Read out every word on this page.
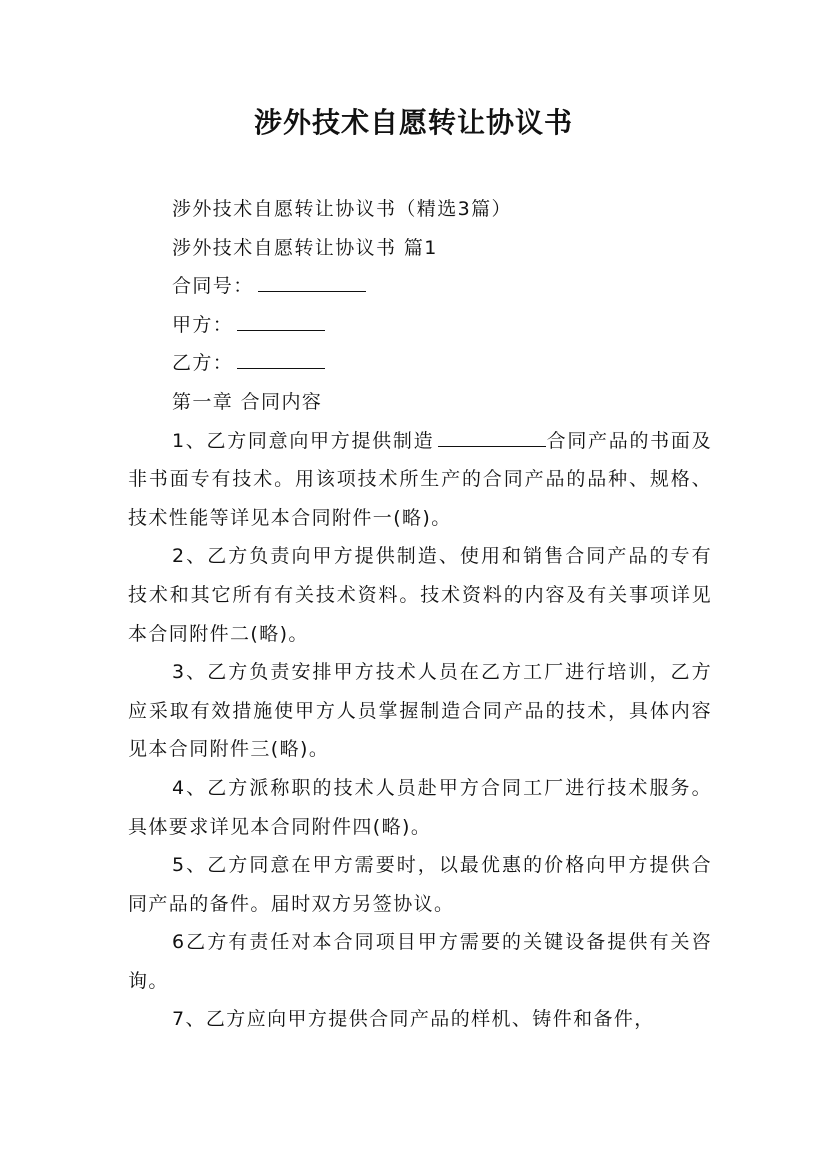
涉外技术自愿转让协议书

涉外技术自愿转让协议书（精选3篇）

涉外技术自愿转让协议书 篇1

合同号：

甲方：

乙方：

第一章 合同内容

1、乙方同意向甲方提供制造	合同产品的书面及非书面专有技术。用该项技术所生产的合同产品的品种、规格、技术性能等详见本合同附件一(略)。

2、乙方负责向甲方提供制造、使用和销售合同产品的专有技术和其它所有有关技术资料。技术资料的内容及有关事项详见本合同附件二(略)。

3、乙方负责安排甲方技术人员在乙方工厂进行培训，乙方应采取有效措施使甲方人员掌握制造合同产品的技术，具体内容见本合同附件三(略)。

4、乙方派称职的技术人员赴甲方合同工厂进行技术服务。具体要求详见本合同附件四(略)。

5、乙方同意在甲方需要时，以最优惠的价格向甲方提供合同产品的备件。届时双方另签协议。

6乙方有责任对本合同项目甲方需要的关键设备提供有关咨询。

7、乙方应向甲方提供合同产品的样机、铸件和备件，
